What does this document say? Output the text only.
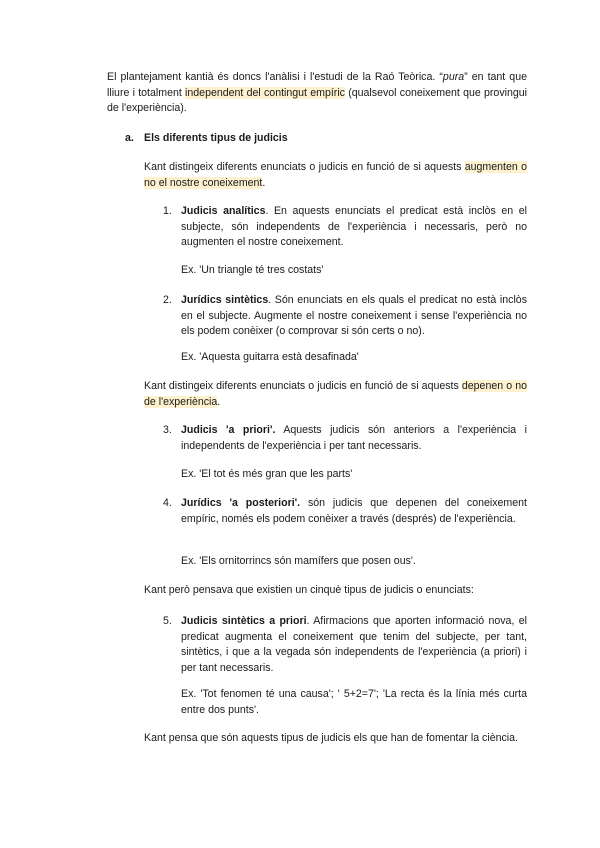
El plantejament kantià és doncs l'anàlisi i l'estudi de la Raó Teòrica. “pura” en tant que lliure i totalment independent del contingut empíric (qualsevol coneixement que provingui de l'experiència).
a. Els diferents tipus de judicis
Kant distingeix diferents enunciats o judicis en funció de si aquests augmenten o no el nostre coneixement.
1. Judicis analítics. En aquests enunciats el predicat està inclòs en el subjecte, són independents de l'experiència i necessaris, però no augmenten el nostre coneixement.
Ex. 'Un triangle té tres costats'
2. Jurídics sintètics. Són enunciats en els quals el predicat no està inclòs en el subjecte. Augmente el nostre coneixement i sense l'experiència no els podem conèixer (o comprovar si són certs o no).
Ex. 'Aquesta guitarra està desafinada'
Kant distingeix diferents enunciats o judicis en funció de si aquests depenen o no de l'experiència.
3. Judicis 'a priori'. Aquests judicis són anteriors a l'experiència i independents de l'experiència i per tant necessaris.
Ex. 'El tot és més gran que les parts'
4. Jurídics 'a posteriori'. són judicis que depenen del coneixement empíric, només els podem conèixer a través (després) de l'experiència.
Ex. 'Els ornitorrincs són mamífers que posen ous'.
Kant però pensava que existien un cinquè tipus de judicis o enunciats:
5. Judicis sintètics a priori. Afirmacions que aporten informació nova, el predicat augmenta el coneixement que tenim del subjecte, per tant, sintètics, i que a la vegada són independents de l'experiència (a priori) i per tant necessaris.
Ex. 'Tot fenomen té una causa'; ' 5+2=7'; 'La recta és la línia més curta entre dos punts'.
Kant pensa que són aquests tipus de judicis els que han de fomentar la ciència.
